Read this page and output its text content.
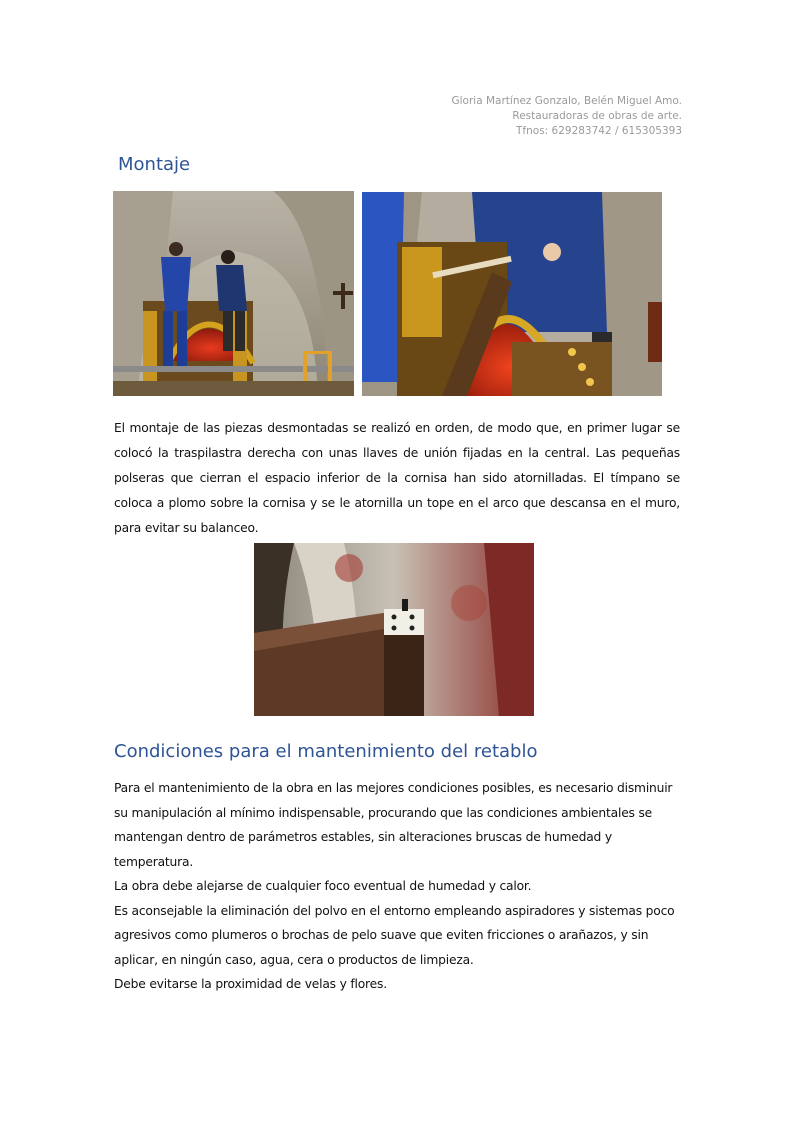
Gloria Martínez Gonzalo, Belén Miguel Amo.
Restauradoras de obras de arte.
Tfnos: 629283742 / 615305393
Montaje

El montaje de las piezas desmontadas se realizó en orden, de modo que, en primer lugar se colocó la traspilastra derecha con unas llaves de unión fijadas en la central. Las pequeñas polseras que cierran el espacio inferior de la cornisa han sido atornilladas. El tímpano se coloca a plomo sobre la cornisa y se le atornilla un tope en el arco que descansa en el muro, para evitar su balanceo.

Condiciones para el mantenimiento del retablo
Para el mantenimiento de la obra en las mejores condiciones posibles, es necesario disminuir su manipulación al mínimo indispensable, procurando que las condiciones ambientales se mantengan dentro de parámetros estables, sin alteraciones bruscas de humedad y temperatura.
La obra debe alejarse de cualquier foco eventual de humedad y calor.
Es aconsejable la eliminación del polvo en el entorno empleando aspiradores y sistemas poco agresivos como plumeros o brochas de pelo suave que eviten fricciones o arañazos, y sin aplicar, en ningún caso, agua, cera o productos de limpieza.
Debe evitarse la proximidad de velas y flores.
